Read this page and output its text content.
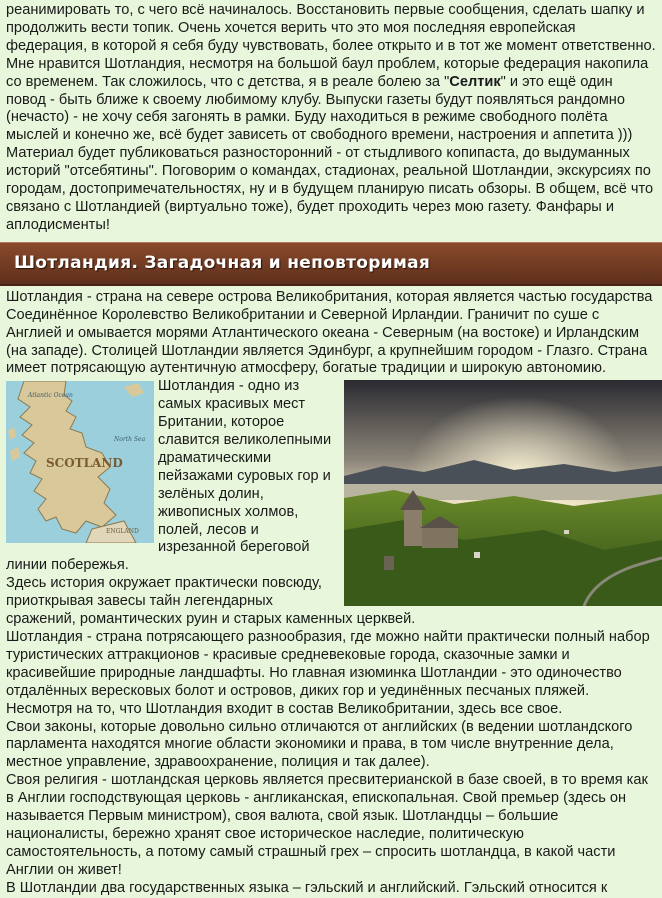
реанимировать то, с чего всё начиналось. Восстановить первые сообщения, сделать шапку и продолжить вести топик. Очень хочется верить что это моя последняя европейская федерация, в которой я себя буду чувствовать, более открыто и в тот же момент ответственно. Мне нравится Шотландия, несмотря на большой баул проблем, которые федерация накопила со временем. Так сложилось, что с детства, я в реале болею за "Селтик" и это ещё один повод - быть ближе к своему любимому клубу. Выпуски газеты будут появляться рандомно (нечасто) - не хочу себя загонять в рамки. Буду находиться в режиме свободного полёта мыслей и конечно же, всё будет зависеть от свободного времени, настроения и аппетита ))) Материал будет публиковаться разносторонний - от стыдливого копипаста, до выдуманных историй "отсебятины". Поговорим о командах, стадионах, реальной Шотландии, экскурсиях по городам, достопримечательностях, ну и в будущем планирую писать обзоры. В общем, всё что связано с Шотландией (виртуально тоже), будет проходить через мою газету. Фанфары и аплодисменты!

Шотландия. Загадочная и неповторимая

Шотландия - страна на севере острова Великобритания, которая является частью государства Соединённое Королевство Великобритании и Северной Ирландии. Граничит по суше с Англией и омывается морями Атлантического океана - Северным (на востоке) и Ирландским (на западе). Столицей Шотландии является Эдинбург, а крупнейшим городом - Глазго. Страна имеет потрясающую аутентичную атмосферу, богатые традиции и широкую автономию.

Atlantic Ocean
North Sea
SCOTLAND
ENGLAND

Шотландия - одно из самых красивых мест Британии, которое славится великолепными драматическими пейзажами суровых гор и зелёных долин, живописных холмов, полей, лесов и изрезанной береговой линии побережья.

Здесь история окружает практически повсюду, приоткрывая завесы тайн легендарных сражений, романтических руин и старых каменных церквей.

Шотландия - страна потрясающего разнообразия, где можно найти практически полный набор туристических аттракционов - красивые средневековые города, сказочные замки и красивейшие природные ландшафты. Но главная изюминка Шотландии - это одиночество отдалённых вересковых болот и островов, диких гор и уединённых песчаных пляжей.

Несмотря на то, что Шотландия входит в состав Великобритании, здесь все свое.

Свои законы, которые довольно сильно отличаются от английских (в ведении шотландского парламента находятся многие области экономики и права, в том числе внутренние дела, местное управление, здравоохранение, полиция и так далее).

Своя религия - шотландская церковь является пресвитерианской в базе своей, в то время как в Англии господствующая церковь - англиканская, епископальная. Свой премьер (здесь он называется Первым министром), своя валюта, свой язык. Шотландцы – большие националисты, бережно хранят свое историческое наследие, политическую самостоятельность, а потому самый страшный грех – спросить шотландца, в какой части Англии он живет!

В Шотландии два государственных языка – гэльский и английский. Гэльский относится к
